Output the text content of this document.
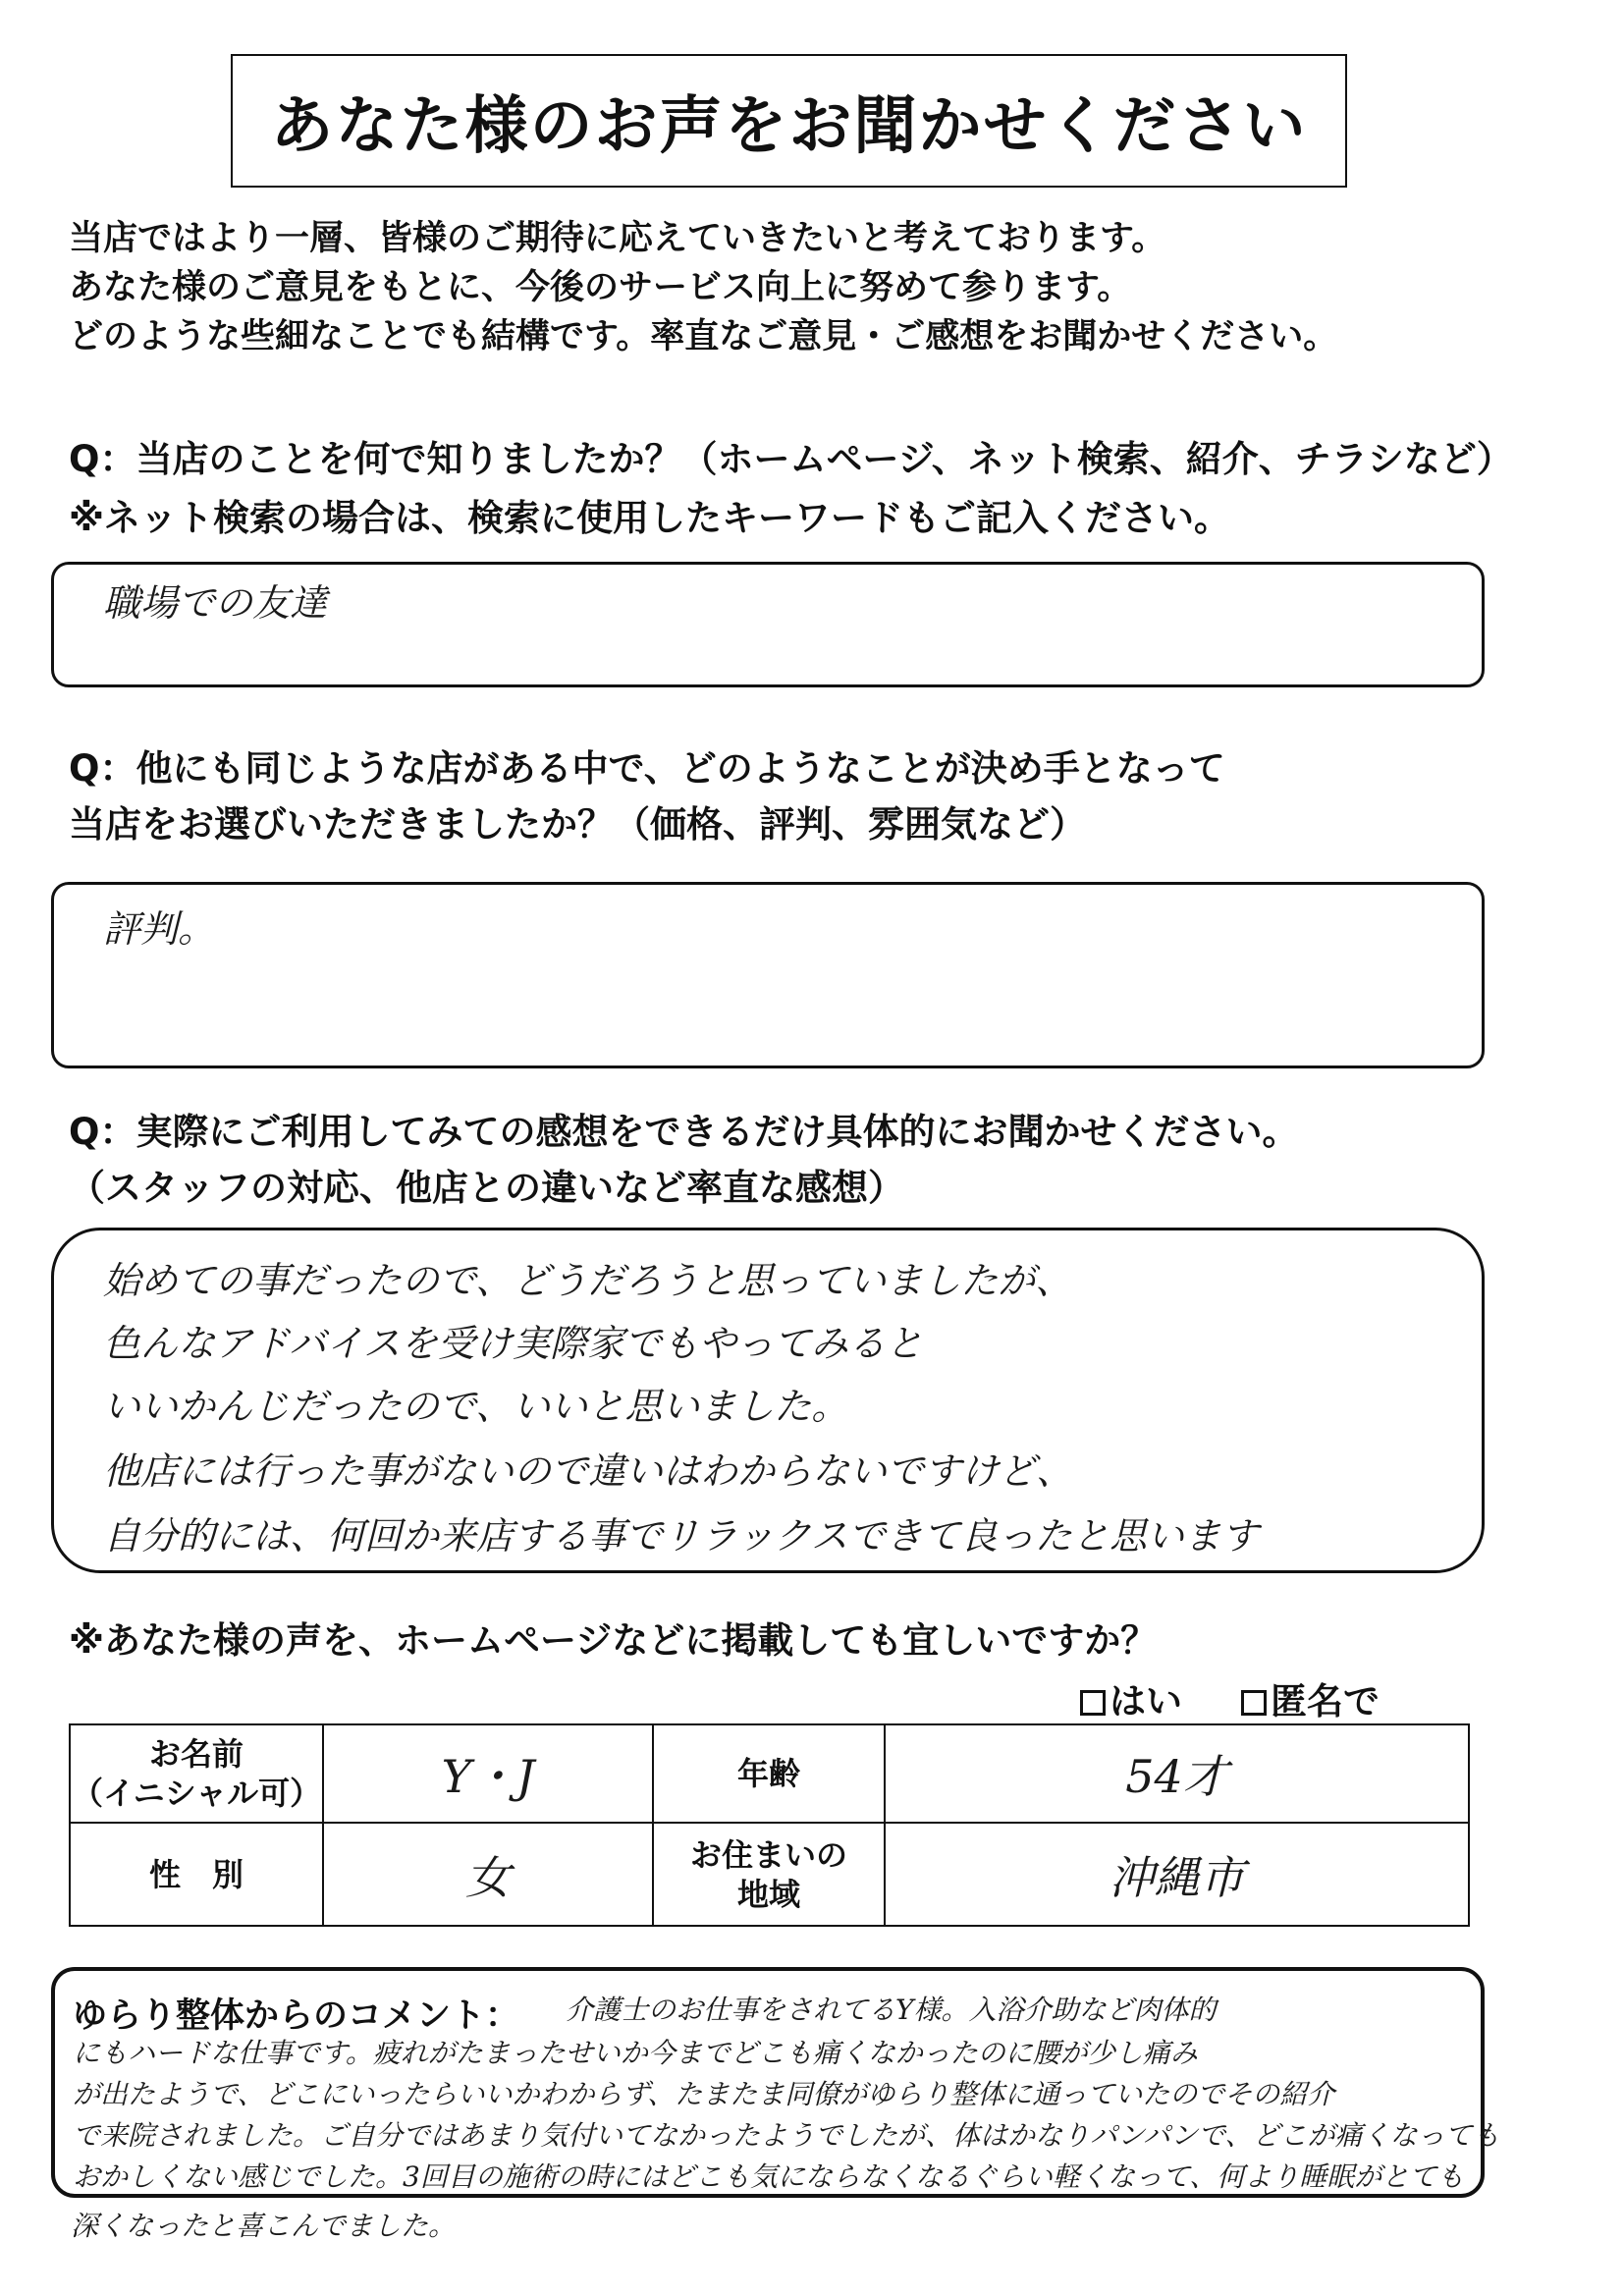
あなた様のお声をお聞かせください
当店ではより一層、皆様のご期待に応えていきたいと考えております。
あなた様のご意見をもとに、今後のサービス向上に努めて参ります。
どのような些細なことでも結構です。率直なご意見・ご感想をお聞かせください。
Q：当店のことを何で知りましたか？（ホームページ、ネット検索、紹介、チラシなど）
※ネット検索の場合は、検索に使用したキーワードもご記入ください。
職場での友達
Q：他にも同じような店がある中で、どのようなことが決め手となって
当店をお選びいただきましたか？（価格、評判、雰囲気など）
評判。
Q：実際にご利用してみての感想をできるだけ具体的にお聞かせください。
（スタッフの対応、他店との違いなど率直な感想）
始めての事だったので、どうだろうと思っていましたが、
色んなアドバイスを受け実際家でもやってみると
いいかんじだったので、いいと思いました。
他店には行った事がないので違いはわからないですけど、
自分的には、何回か来店する事でリラックスできて良ったと思います
※あなた様の声を、ホームページなどに掲載しても宜しいですか？
はい	匿名で
お名前
（イニシャル可）	Y・J	年齢	54才
性　別	女	お住まいの
地域	沖縄市
ゆらり整体からのコメント： 介護士のお仕事をされてるY様。入浴介助など肉体的
にもハードな仕事です。疲れがたまったせいか今までどこも痛くなかったのに腰が少し痛み
が出たようで、どこにいったらいいかわからず、たまたま同僚がゆらり整体に通っていたのでその紹介
で来院されました。ご自分ではあまり気付いてなかったようでしたが、体はかなりパンパンで、どこが痛くなっても
おかしくない感じでした。3回目の施術の時にはどこも気にならなくなるぐらい軽くなって、何より睡眠がとても
深くなったと喜こんでました。
